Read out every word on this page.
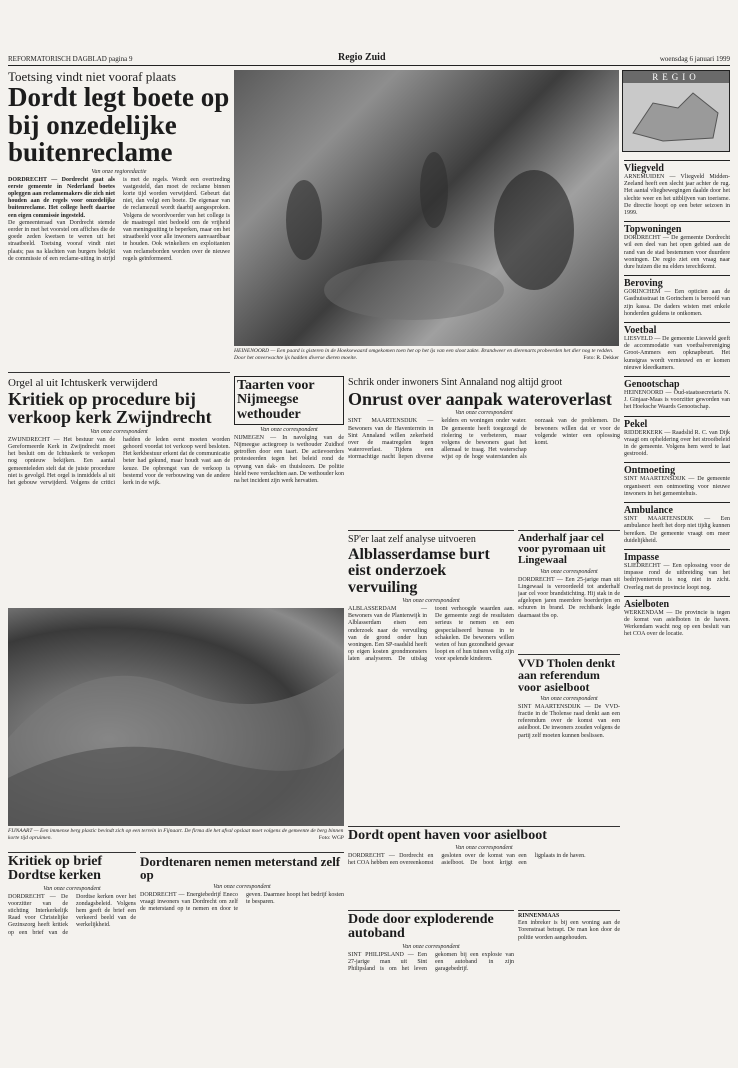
REFORMATORISCH DAGBLAD pagina 9	Regio Zuid	woensdag 6 januari 1999
Toetsing vindt niet vooraf plaats
Dordt legt boete op bij onzedelijke buitenreclame
Van onze regioredactie
DORDRECHT — Dordrecht gaat als eerste gemeente in Nederland boetes opleggen aan reclamemakers die zich niet houden aan de regels voor onzedelijke buitenreclame. Het college heeft daartoe een eigen commissie ingesteld.
De gemeenteraad van Dordrecht stemde eerder in met het voorstel om affiches die de goede zeden kwetsen te weren uit het straatbeeld. Toetsing vooraf vindt niet plaats; pas na klachten van burgers bekijkt de commissie of een reclame-uiting in strijd is met de regels. Wordt een overtreding vastgesteld, dan moet de reclame binnen korte tijd worden verwijderd. Gebeurt dat niet, dan volgt een boete. De eigenaar van de reclamezuil wordt daarbij aangesproken. Volgens de woordvoerder van het college is de maatregel niet bedoeld om de vrijheid van meningsuiting te beperken, maar om het straatbeeld voor alle inwoners aanvaardbaar te houden. Ook winkeliers en exploitanten van reclameborden worden over de nieuwe regels geïnformeerd.
HEINENOORD — Een paard is gisteren in de Hoeksewaard omgekomen toen het op het ijs van een sloot zakte. Brandweer en dierenarts probeerden het dier nog te redden. Door het onverwachte ijs hadden diverse dieren moeite.	Foto: R. Dekker
REGIO
Vliegveld
ARNEMUIDEN — Vliegveld Midden-Zeeland heeft een slecht jaar achter de rug. Het aantal vliegbewegingen daalde door het slechte weer en het uitblijven van toerisme. De directie hoopt op een beter seizoen in 1999.
Topwoningen
DORDRECHT — De gemeente Dordrecht wil een deel van het open gebied aan de rand van de stad bestemmen voor duurdere woningen. De regio ziet een vraag naar dure huizen die nu elders terechtkomt.
Beroving
GORINCHEM — Een opticien aan de Gasthuisstraat in Gorinchem is beroofd van zijn kassa. De daders wisten met enkele honderden guldens te ontkomen.
Voetbal
LIESVELD — De gemeente Liesveld geeft de accommodatie van voetbalvereniging Groot-Ammers een opknapbeurt. Het kunstgras wordt vernieuwd en er komen nieuwe kleedkamers.
Genootschap
HEINENOORD — Oud-staatssecretaris N. J. Ginjaar-Maas is voorzitter geworden van het Hoeksche Waards Genootschap.
Pekel
RIDDERKERK — Raadslid R. C. van Dijk vraagt om opheldering over het strooibeleid in de gemeente. Volgens hem werd te laat gestrooid.
Ontmoeting
SINT MAARTENSDIJK — De gemeente organiseert een ontmoeting voor nieuwe inwoners in het gemeentehuis.
Ambulance
SINT MAARTENSDIJK — Een ambulance heeft het dorp niet tijdig kunnen bereiken. De gemeente vraagt om meer duidelijkheid.
Impasse
SLIEDRECHT — Een oplossing voor de impasse rond de uitbreiding van het bedrijventerrein is nog niet in zicht. Overleg met de provincie loopt nog.
Asielboten
WERKENDAM — De provincie is tegen de komst van asielboten in de haven. Werkendam wacht nog op een besluit van het COA over de locatie.
Orgel al uit Ichtuskerk verwijderd
Kritiek op procedure bij verkoop kerk Zwijndrecht
Van onze correspondent
ZWIJNDRECHT — Het bestuur van de Gereformeerde Kerk in Zwijndrecht moet het besluit om de Ichtuskerk te verkopen nog opnieuw bekijken. Een aantal gemeenteleden stelt dat de juiste procedure niet is gevolgd. Het orgel is inmiddels al uit het gebouw verwijderd. Volgens de critici hadden de leden eerst moeten worden gehoord voordat tot verkoop werd besloten. Het kerkbestuur erkent dat de communicatie beter had gekund, maar houdt vast aan de keuze. De opbrengst van de verkoop is bestemd voor de verbouwing van de andere kerk in de wijk.
Taarten voor Nijmeegse wethouder
Van onze correspondent
NIJMEGEN — In navolging van de Nijmeegse actiegroep is wethouder Zuidhof getroffen door een taart. De actievoerders protesteerden tegen het beleid rond de opvang van dak- en thuislozen. De politie hield twee verdachten aan. De wethouder kon na het incident zijn werk hervatten.
Schrik onder inwoners Sint Annaland nog altijd groot
Onrust over aanpak wateroverlast
Van onze correspondent
SINT MAARTENSDIJK — Bewoners van de Haventerrein in Sint Annaland willen zekerheid over de maatregelen tegen wateroverlast. Tijdens een stormachtige nacht liepen diverse kelders en woningen onder water. De gemeente heeft toegezegd de riolering te verbeteren, maar volgens de bewoners gaat het allemaal te traag. Het waterschap wijst op de hoge waterstanden als oorzaak van de problemen. De bewoners willen dat er voor de volgende winter een oplossing komt.
SP'er laat zelf analyse uitvoeren
Alblasserdamse burt eist onderzoek vervuiling
Van onze correspondent
ALBLASSERDAM — Bewoners van de Plantenwijk in Alblasserdam eisen een onderzoek naar de vervuiling van de grond onder hun woningen. Een SP-raadslid heeft op eigen kosten grondmonsters laten analyseren. De uitslag toont verhoogde waarden aan. De gemeente zegt de resultaten serieus te nemen en een gespecialiseerd bureau in te schakelen. De bewoners willen weten of hun gezondheid gevaar loopt en of hun tuinen veilig zijn voor spelende kinderen.
Anderhalf jaar cel voor pyromaan uit Lingewaal
Van onze correspondent
DORDRECHT — Een 25-jarige man uit Lingewaal is veroordeeld tot anderhalf jaar cel voor brandstichting. Hij stak in de afgelopen jaren meerdere boerderijen en schuren in brand. De rechtbank legde daarnaast tbs op.
VVD Tholen denkt aan referendum voor asielboot
Van onze correspondent
SINT MAARTENSDIJK — De VVD-fractie in de Tholense raad denkt aan een referendum over de komst van een asielboot. De inwoners zouden volgens de partij zelf moeten kunnen beslissen.
FIJNAART — Een immense berg plastic bevindt zich op een terrein in Fijnaart. De firma die het afval opslaat moet volgens de gemeente de berg binnen korte tijd opruimen.	Foto: WGP
Kritiek op brief Dordtse kerken
Van onze correspondent
DORDRECHT — De voorzitter van de stichting Interkerkelijk Raad voor Christelijke Gezinszorg heeft kritiek op een brief van de Dordtse kerken over het zondagsbeleid. Volgens hem geeft de brief een verkeerd beeld van de werkelijkheid.
Dordtenaren nemen meterstand zelf op
Van onze correspondent
DORDRECHT — Energiebedrijf Eneco vraagt inwoners van Dordrecht om zelf de meterstand op te nemen en door te geven. Daarmee hoopt het bedrijf kosten te besparen.
Dordt opent haven voor asielboot
Van onze correspondent
DORDRECHT — Dordrecht en het COA hebben een overeenkomst gesloten over de komst van een asielboot. De boot krijgt een ligplaats in de haven.
Dode door exploderende autoband
Van onze correspondent
SINT PHILIPSLAND — Een 27-jarige man uit Sint Philipsland is om het leven gekomen bij een explosie van een autoband in zijn garagebedrijf.
RINNENMAAS
Een inbreker is bij een woning aan de Torenstraat betrapt. De man kon door de politie worden aangehouden.
